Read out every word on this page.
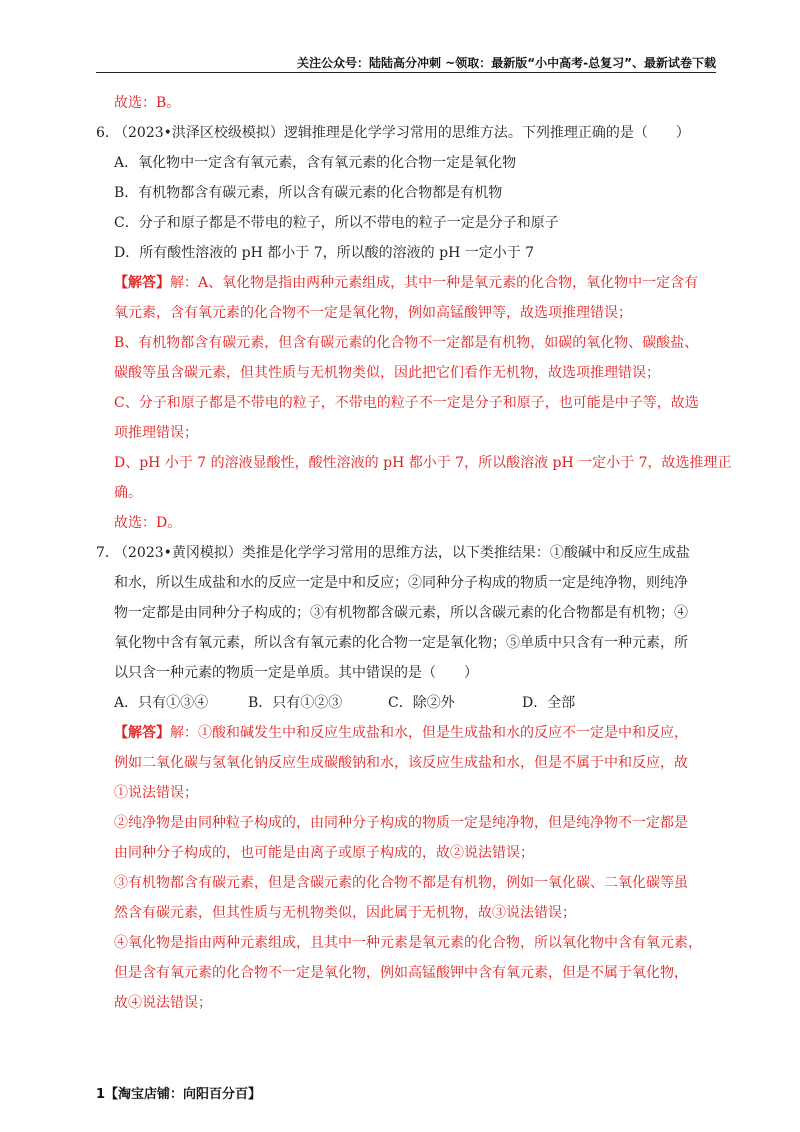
关注公众号：陆陆高分冲刺 ~领取：最新版“小中高考-总复习”、最新试卷下载
故选：B。
6．（2023•洪泽区校级模拟）逻辑推理是化学学习常用的思维方法。下列推理正确的是（　　）
A．氧化物中一定含有氧元素，含有氧元素的化合物一定是氧化物
B．有机物都含有碳元素，所以含有碳元素的化合物都是有机物
C．分子和原子都是不带电的粒子，所以不带电的粒子一定是分子和原子
D．所有酸性溶液的 pH 都小于 7，所以酸的溶液的 pH 一定小于 7
【解答】解：A、氧化物是指由两种元素组成，其中一种是氧元素的化合物，氧化物中一定含有
氧元素，含有氧元素的化合物不一定是氧化物，例如高锰酸钾等，故选项推理错误；
B、有机物都含有碳元素，但含有碳元素的化合物不一定都是有机物，如碳的氧化物、碳酸盐、
碳酸等虽含碳元素，但其性质与无机物类似，因此把它们看作无机物，故选项推理错误；
C、分子和原子都是不带电的粒子，不带电的粒子不一定是分子和原子，也可能是中子等，故选
项推理错误；
D、pH 小于 7 的溶液显酸性，酸性溶液的 pH 都小于 7，所以酸溶液 pH 一定小于 7，故选推理正
确。
故选：D。
7．（2023•黄冈模拟）类推是化学学习常用的思维方法，以下类推结果：①酸碱中和反应生成盐
和水，所以生成盐和水的反应一定是中和反应；②同种分子构成的物质一定是纯净物，则纯净
物一定都是由同种分子构成的；③有机物都含碳元素，所以含碳元素的化合物都是有机物；④
氧化物中含有氧元素，所以含有氧元素的化合物一定是氧化物；⑤单质中只含有一种元素，所
以只含一种元素的物质一定是单质。其中错误的是（　　）
A．只有①③④	B．只有①②③	C．除②外	D．全部
【解答】解：①酸和碱发生中和反应生成盐和水，但是生成盐和水的反应不一定是中和反应，
例如二氧化碳与氢氧化钠反应生成碳酸钠和水，该反应生成盐和水，但是不属于中和反应，故
①说法错误；
②纯净物是由同种粒子构成的，由同种分子构成的物质一定是纯净物，但是纯净物不一定都是
由同种分子构成的，也可能是由离子或原子构成的，故②说法错误；
③有机物都含有碳元素，但是含碳元素的化合物不都是有机物，例如一氧化碳、二氧化碳等虽
然含有碳元素，但其性质与无机物类似，因此属于无机物，故③说法错误；
④氧化物是指由两种元素组成，且其中一种元素是氧元素的化合物，所以氧化物中含有氧元素，
但是含有氧元素的化合物不一定是氧化物，例如高锰酸钾中含有氧元素，但是不属于氧化物，
故④说法错误；
1【淘宝店铺：向阳百分百】
